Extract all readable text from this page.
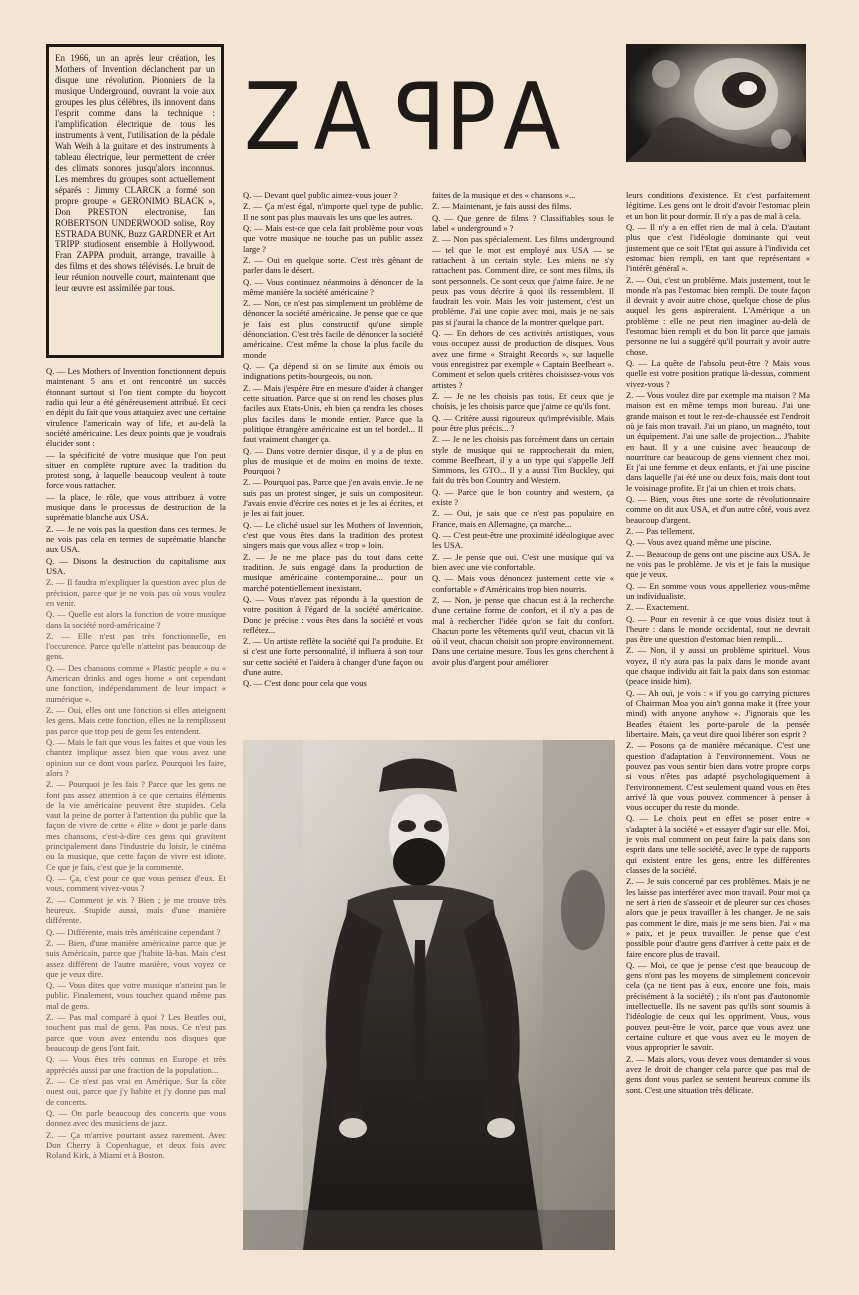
En 1966, un an après leur création, les Mothers of Invention déclanchent par un disque une révolution. Pionniers de la musique Underground, ouvrant la voie aux groupes les plus célèbres, ils innovent dans l'esprit comme dans la technique : l'amplification électrique de tous les instruments à vent, l'utilisation de la pédale Wah Weih à la guitare et des instruments à tableau électrique, leur permettent de créer des climats sonores jusqu'alors inconnus. Les membres du groupes sont actuellement séparés : Jimmy CLARCK a formé son propre groupe « GERONIMO BLACK », Don PRESTON electronise, Ian ROBERTSON UNDERWOOD solise, Roy ESTRADA BUNK, Buzz GARDNER et Art TRIPP studiosent ensemble à Hollywood. Fran ZAPPA produit, arrange, travaille à des films et des shows télévisés. Le bruit de leur réunion nouvelle court, maintenant que leur œuvre est assimilée par tous.
ZAPPA

Q. — Les Mothers of Invention fonctionnent depuis maintenant 5 ans et ont rencontré un succès étonnant surtout si l'on tient compte du boycott radio qui leur a été généreusement attribué. Et ceci en dépit du fait que vous attaquiez avec une certaine virulence l'americain way of life, et au-delà la société américaine. Les deux points que je voudrais élucider sont :

— la spécificité de votre musique que l'on peut situer en complète rupture avec la tradition du protest song, à laquelle beaucoup veulent à toute force vous rattacher.

— la place, le rôle, que vous attribuez à votre musique dans le processus de destruction de la suprématie blanche aux USA.

Z. — Je ne vois pas la question dans ces termes. Je ne vois pas cela en termes de suprématie blanche aux USA.

Q. — Disons la destruction du capitalisme aux USA.

Z. — Il faudra m'expliquer la question avec plus de précision, parce que je ne vois pas où vous voulez en venir.

Q. — Quelle est alors la fonction de votre musique dans la société nord-américaine ?

Z. — Elle n'est pas très fonctionnelle, en l'occurence. Parce qu'elle n'atteint pas beaucoup de gens.

Q. — Des chansons comme « Plastic people » ou « American drinks and oges home » ont cependant une fonction, indépendamment de leur impact « numérique ».

Z. — Oui, elles ont une fonction si elles atteignent les gens. Mais cette fonction, elles ne la remplissent pas parce que trop peu de gens les entendent.

Q. — Mais le fait que vous les faites et que vous les chantez implique assez bien que vous avez une opinion sur ce dont vous parlez. Pourquoi les faire, alors ?

Z. — Pourquoi je les fais ? Parce que les gens ne font pas assez attention à ce que certains éléments de la vie américaine peuvent être stupides. Cela vaut la peine de porter à l'attention du public que la façon de vivre de cette « élite » dont je parle dans mes chansons, c'est-à-dire ces gens qui gravitent principalement dans l'industrie du loisir, le cinéma ou la musique, que cette façon de vivre est idiote. Ce que je fais, c'est que je la commente.

Q. — Ça, c'est pour ce que vous pensez d'eux. Et vous, comment vivez-vous ?

Z. — Comment je vis ? Bien ; je me trouve très heureux. Stupide aussi, mais d'une manière différente.

Q. — Différente, mais très américaine cependant ?

Z. — Bien, d'une manière américaine parce que je suis Américain, parce que j'habite là-bas. Mais c'est assez différent de l'autre manière, vous voyez ce que je veux dire.

Q. — Vous dites que votre musique n'atteint pas le public. Finalement, vous touchez quand même pas mal de gens.

Z. — Pas mal comparé à quoi ? Les Beatles oui, touchent pas mal de gens. Pas nous. Ce n'est pas parce que vous avez entendu nos disques que beaucoup de gens l'ont fait.

Q. — Vous êtes très connus en Europe et très appréciés aussi par une fraction de la population...

Z. — Ce n'est pas vrai en Amérique. Sur la côte ouest oui, parce que j'y habite et j'y donne pas mal de concerts.

Q. — On parle beaucoup des concerts que vous donnez avec des musiciens de jazz.

Z. — Ça m'arrive pourtant assez rarement. Avec Don Cherry à Copenhague, et deux fois avec Roland Kirk, à Miami et à Boston.

Q. — Devant quel public aimez-vous jouer ?

Z. — Ça m'est égal, n'importe quel type de public. Il ne sont pas plus mauvais les uns que les autres.

Q. — Mais est-ce que cela fait problème pour vous que votre musique ne touche pas un public assez large ?

Z. — Oui en quelque sorte. C'est très gênant de parler dans le désert.

Q. — Vous continuez néanmoins à dénoncer de la même manière la société américaine ?

Z. — Non, ce n'est pas simplement un problème de dénoncer la société américaine. Je pense que ce que je fais est plus constructif qu'une simple dénonciation. C'est très facile de dénoncer la société américaine. C'est même la chose la plus facile du monde

Q. — Ça dépend si on se limite aux émois ou indignations petits-bourgeois, ou non.

Z. — Mais j'espère être en mesure d'aider à changer cette situation. Parce que si on rend les choses plus faciles aux Etats-Unis, eh bien ça rendra les choses plus faciles dans le monde entier. Parce que la politique étrangère américaine est un tel bordel... Il faut vraiment changer ça.

Q. — Dans votre dernier disque, il y a de plus en plus de musique et de moins en moins de texte. Pourquoi ?

Z. — Pourquoi pas. Parce que j'en avais envie. Je ne suis pas un protest singer, je suis un compositeur. J'avais envie d'écrire ces notes et je les ai écrites, et je les ai fait jouer.

Q. — Le cliché usuel sur les Mothers of Invention, c'est que vous êtes dans la tradition des protest singers mais que vous allez « trop » loin.

Z. — Je ne me place pas du tout dans cette tradition. Je suis engagé dans la production de musique américaine contemporaine... pour un marché potentiellement inexistant.

Q. — Vous n'avez pas répondu à la question de votre position à l'égard de la société américaine. Donc je précise : vous êtes dans la société et vous reflétez...

Z. — Un artiste reflète la société qui l'a produite. Et si c'est une forte personnalité, il influera à son tour sur cette société et l'aidera à changer d'une façon ou d'une autre.

Q. — C'est donc pour cela que vous

faites de la musique et des « chansons »...

Z. — Maintenant, je fais aussi des films.

Q. — Que genre de films ? Classifiables sous le label « underground » ?

Z. — Non pas spécialement. Les films underground — tel que le mot est employé aux USA — se rattachent à un certain style. Les miens ne s'y rattachent pas. Comment dire, ce sont mes films, ils sont personnels. Ce sont ceux que j'aime faire. Je ne peux pas vous décrire à quoi ils ressemblent. Il faudrait les voir. Mais les voir justement, c'est un problème. J'ai une copie avec moi, mais je ne sais pas si j'aurai la chance de la montrer quelque part.

Q. — En dehors de ces activités artistiques, vous vous occupez aussi de production de disques. Vous avez une firme « Straight Records », sur laquelle vous enregistrez par exemple « Captain Beefheart ». Comment et selon quels critères choisissez-vous vos artistes ?

Z. — Je ne les choisis pas tous. Et ceux que je choisis, je les choisis parce que j'aime ce qu'ils font.

Q. — Critère aussi rigoureux qu'imprévisible. Mais pour être plus précis... ?

Z. — Je ne les choisis pas forcément dans un certain style de musique qui se rapprocherait du mien, comme Beefheart, il y a un type qui s'appelle Jeff Simmons, les GTO... Il y a aussi Tim Buckley, qui fait du très bon Country and Western.

Q. — Parce que le bon country and western, ça existe ?

Z. — Oui, je sais que ce n'est pas populaire en France, mais en Allemagne, ça marche...

Q. — C'est peut-être une proximité idéologique avec les USA.

Z. — Je pense que oui. C'est une musique qui va bien avec une vie confortable.

Q. — Mais vous dénoncez justement cette vie « confortable » d'Américains trop bien nourris.

Z. — Non, je pense que chacun est à la recherche d'une certaine forme de confort, et il n'y a pas de mal à rechercher l'idée qu'on se fait du confort. Chacun porte les vêtements qu'il veut, chacun vit là où il veut, chacun choisit son propre environnement. Dans une certaine mesure. Tous les gens cherchent à avoir plus d'argent pour améliorer

leurs conditions d'existence. Et c'est parfaitement légitime. Les gens ont le droit d'avoir l'estomac plein et un bon lit pour dormir. Il n'y a pas de mal à cela.

Q. — Il n'y a en effet rien de mal à cela. D'autant plus que c'est l'idéologie dominante qui veut justement que ce soit l'Etat qui assure à l'individu cet estomac bien rempli, en tant que représentant « l'intérêt général ».

Z. — Oui, c'est un problème. Mais justement, tout le monde n'a pas l'estomac bien rempli. De toute façon il devrait y avoir autre chose, quelque chose de plus auquel les gens aspireraient. L'Amérique a un problème : elle ne peut rien imaginer au-delà de l'estomac bien rempli et du bon lit parce que jamais personne ne lui a suggéré qu'il pourrait y avoir autre chose.

Q. — La quête de l'absolu peut-être ? Mais vous quelle est votre position pratique là-dessus, comment vivez-vous ?

Z. — Vous voulez dire par exemple ma maison ? Ma maison est en même temps mon bureau. J'ai une grande maison et tout le rez-de-chaussée est l'endroit où je fais mon travail. J'ai un piano, un magnéto, tout un équipement. J'ai une salle de projection... J'habite en haut. Il y a une cuisine avec beaucoup de nourriture car beaucoup de gens viennent chez moi. Et j'ai une femme et deux enfants, et j'ai une piscine dans laquelle j'ai été une ou deux fois, mais dont tout le voisinage profite. Et j'ai un chien et trois chats.

Q. — Bien, vous êtes une sorte de révolutionnaire comme on dit aux USA, et d'un autre côté, vous avez beaucoup d'argent.

Z. — Pas tellement.

Q. — Vous avez quand même une piscine.

Z. — Beaucoup de gens ont une piscine aux USA. Je ne vois pas le problème. Je vis et je fais la musique que je veux.

Q. — En somme vous vous appelleriez vous-même un individualiste.

Z. — Exactement.

Q. — Pour en revenir à ce que vous disiez tout à l'heure : dans le monde occidental, tout ne devrait pas être une question d'estomac bien rempli...

Z. — Non, il y aussi un problème spirituel. Vous voyez, il n'y aura pas la paix dans le monde avant que chaque individu ait fait la paix dans son estomac (peace inside him).

Q. — Ah oui, je vois : « if you go carrying pictures of Chairman Moa you ain't gonna make it (free your mind) with anyone anyhow ». J'ignorais que les Beatles étaient les porte-parole de la pensée libertaire. Mais, ça veut dire quoi libérer son esprit ?

Z. — Posons ça de manière mécanique. C'est une question d'adaptation à l'environnement. Vous ne pouvez pas vous sentir bien dans votre propre corps si vous n'êtes pas adapté psychologiquement à l'environnement. C'est seulement quand vous en êtes arrivé là que vous pouvez commencer à penser à vous occuper du reste du monde.

Q. — Le choix peut en effet se poser entre « s'adapter à la société » et essayer d'agir sur elle. Moi, je vois mal comment on peut faire la paix dans son esprit dans une telle société, avec le type de rapports qui existent entre les gens, entre les différentes classes de la société.

Z. — Je suis concerné par ces problèmes. Mais je ne les laisse pas interférer avec mon travail. Pour moi ça ne sert à rien de s'asseoir et de pleurer sur ces choses alors que je peux travailler à les changer. Je ne sais pas comment le dire, mais je me sens bien. J'ai « ma » paix, et je peux travailler. Je pense que c'est possible pour d'autre gens d'arriver à cette paix et de faire encore plus de travail.

Q. — Moi, ce que je pense c'est que beaucoup de gens n'ont pas les moyens de simplement concevoir cela (ça ne tient pas à eux, encore une fois, mais précisément à la société) ; ils n'ont pas d'autonomie intellectuelle. Ils ne savent pas qu'ils sont soumis à l'idéologie de ceux qui les oppriment. Vous, vous pouvez peut-être le voir, parce que vous avez une certaine culture et que vous avez eu le moyen de vous approprier le savoir.

Z. — Mais alors, vous devez vous demander si vous avez le droit de changer cela parce que pas mal de gens dont vous parlez se sentent heureux comme ils sont. C'est une situation très délicate.
